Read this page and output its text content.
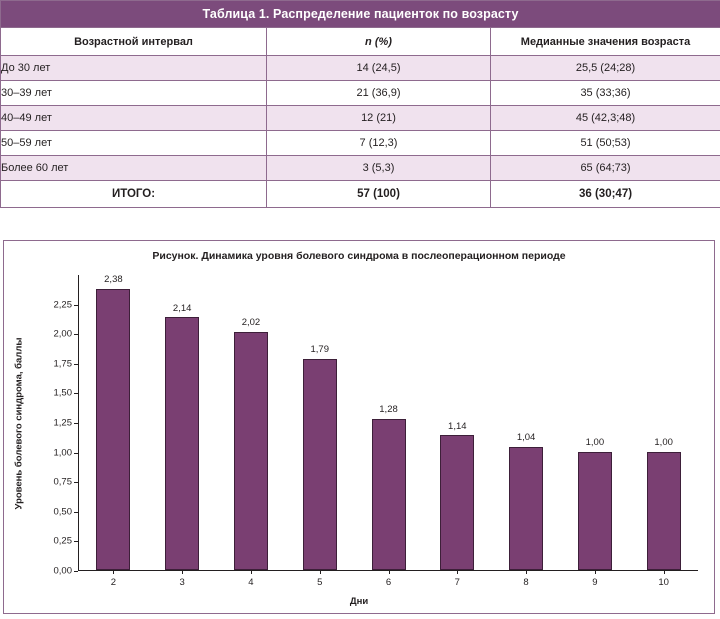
Таблица 1. Распределение пациенток по возрасту		
Возрастной интервал	n (%)	Медианные значения возраста
До 30 лет	14 (24,5)	25,5 (24;28)
30–39 лет	21 (36,9)	35 (33;36)
40–49 лет	12 (21)	45 (42,3;48)
50–59 лет	7 (12,3)	51 (50;53)
Более 60 лет	3 (5,3)	65 (64;73)
ИТОГО:	57 (100)	36 (30;47)
Рисунок. Динамика уровня болевого синдрома в послеоперационном периоде
Уровень болевого синдрома, баллы
0,00
0,25
0,50
0,75
1,00
1,25
1,50
1,75
2,00
2,25
2,38
2
2,14
3
2,02
4
1,79
5
1,28
6
1,14
7
1,04
8
1,00
9
1,00
10
Дни
